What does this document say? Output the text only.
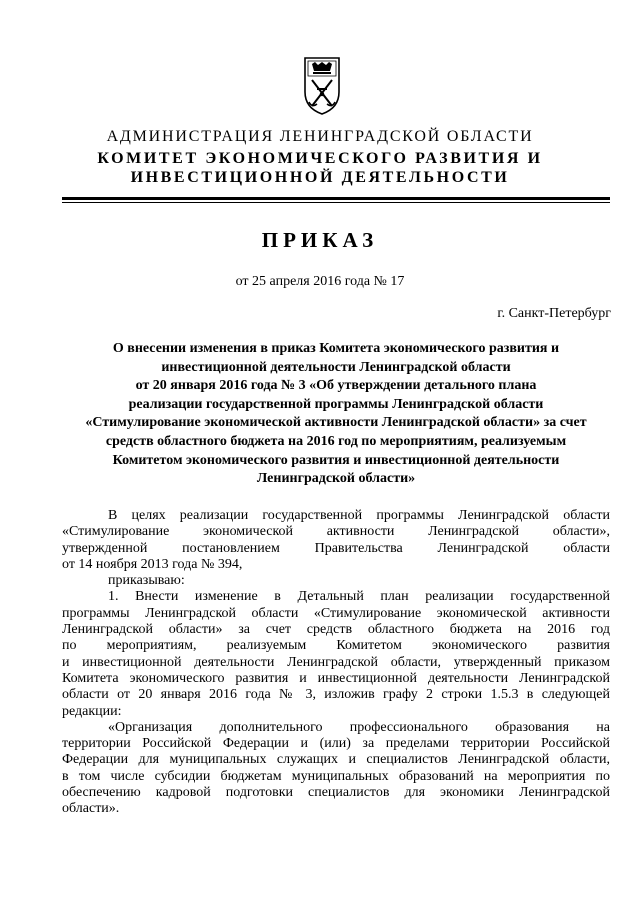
АДМИНИСТРАЦИЯ ЛЕНИНГРАДСКОЙ ОБЛАСТИ
КОМИТЕТ ЭКОНОМИЧЕСКОГО РАЗВИТИЯ И
ИНВЕСТИЦИОННОЙ ДЕЯТЕЛЬНОСТИ
ПРИКАЗ
от 25 апреля 2016 года № 17
г. Санкт-Петербург
О внесении изменения в приказ Комитета экономического развития и
инвестиционной деятельности Ленинградской области
от 20 января 2016 года № 3 «Об утверждении детального плана
реализации государственной программы Ленинградской области
«Стимулирование экономической активности Ленинградской области» за счет
средств областного бюджета на 2016 год по мероприятиям, реализуемым
Комитетом экономического развития и инвестиционной деятельности
Ленинградской области»
В целях реализации государственной программы Ленинградской области
«Стимулирование экономической активности Ленинградской области»,
утвержденной постановлением Правительства Ленинградской области
от 14 ноября 2013 года № 394,
приказываю:
1. Внести изменение в Детальный план реализации государственной
программы Ленинградской области «Стимулирование экономической активности
Ленинградской области» за счет средств областного бюджета на 2016 год
по мероприятиям, реализуемым Комитетом экономического развития
и инвестиционной деятельности Ленинградской области, утвержденный приказом
Комитета экономического развития и инвестиционной деятельности Ленинградской
области от 20 января 2016 года № 3, изложив графу 2 строки 1.5.3 в следующей
редакции:
«Организация дополнительного профессионального образования на
территории Российской Федерации и (или) за пределами территории Российской
Федерации для муниципальных служащих и специалистов Ленинградской области,
в том числе субсидии бюджетам муниципальных образований на мероприятия по
обеспечению кадровой подготовки специалистов для экономики Ленинградской
области».
